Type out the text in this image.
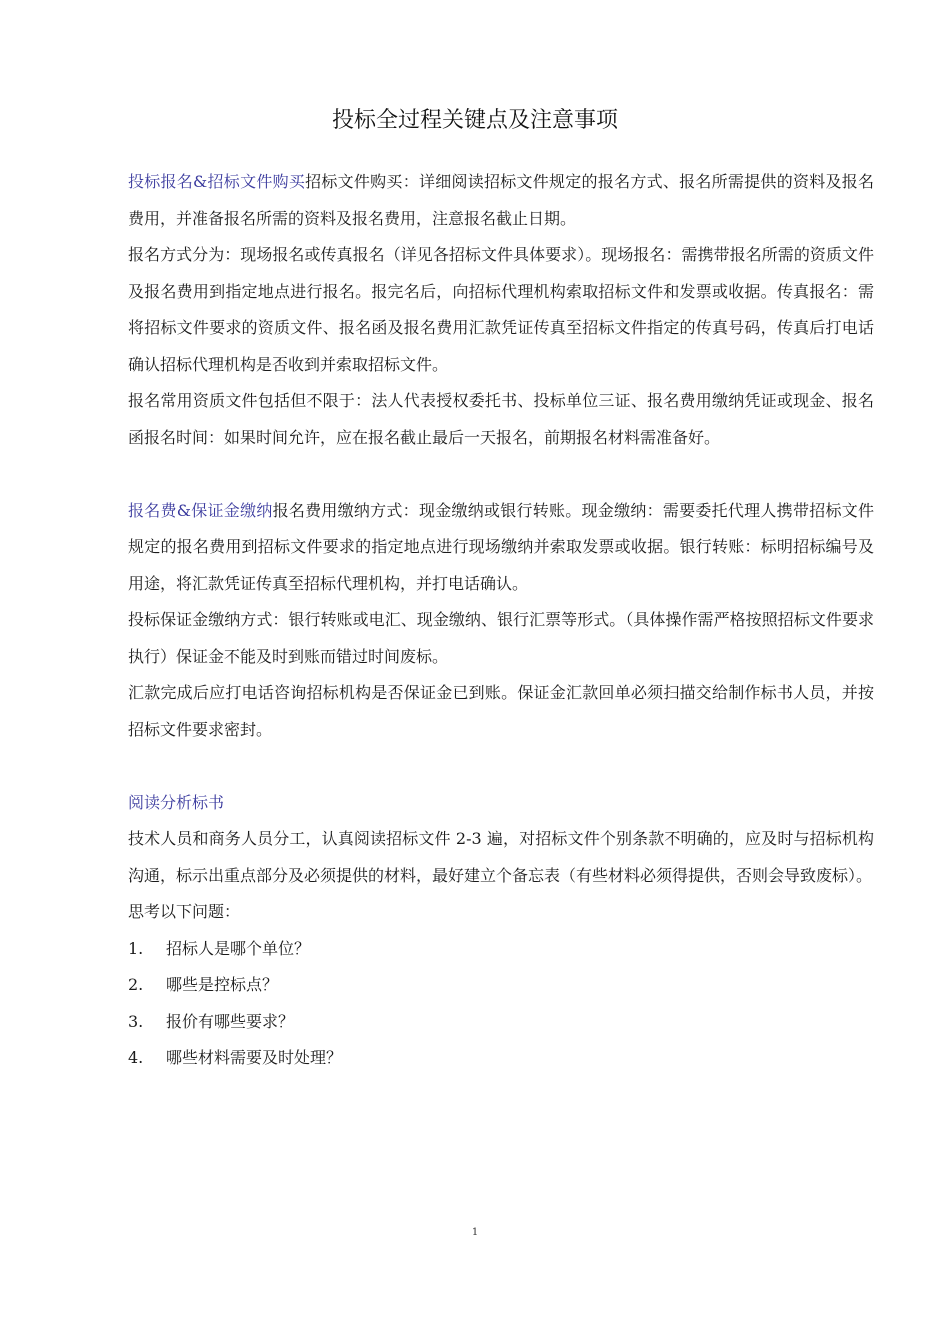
投标全过程关键点及注意事项

投标报名&招标文件购买招标文件购买：详细阅读招标文件规定的报名方式、报名所需提供的资料及报名费用，并准备报名所需的资料及报名费用，注意报名截止日期。

报名方式分为：现场报名或传真报名（详见各招标文件具体要求）。现场报名：需携带报名所需的资质文件及报名费用到指定地点进行报名。报完名后，向招标代理机构索取招标文件和发票或收据。传真报名：需将招标文件要求的资质文件、报名函及报名费用汇款凭证传真至招标文件指定的传真号码，传真后打电话确认招标代理机构是否收到并索取招标文件。

报名常用资质文件包括但不限于：法人代表授权委托书、投标单位三证、报名费用缴纳凭证或现金、报名函报名时间：如果时间允许，应在报名截止最后一天报名，前期报名材料需准备好。

报名费&保证金缴纳报名费用缴纳方式：现金缴纳或银行转账。现金缴纳：需要委托代理人携带招标文件规定的报名费用到招标文件要求的指定地点进行现场缴纳并索取发票或收据。银行转账：标明招标编号及用途，将汇款凭证传真至招标代理机构，并打电话确认。

投标保证金缴纳方式：银行转账或电汇、现金缴纳、银行汇票等形式。（具体操作需严格按照招标文件要求执行）保证金不能及时到账而错过时间废标。

汇款完成后应打电话咨询招标机构是否保证金已到账。保证金汇款回单必须扫描交给制作标书人员，并按招标文件要求密封。

阅读分析标书

技术人员和商务人员分工，认真阅读招标文件 2-3 遍，对招标文件个别条款不明确的，应及时与招标机构沟通，标示出重点部分及必须提供的材料，最好建立个备忘表（有些材料必须得提供，否则会导致废标）。

思考以下问题：

1.	招标人是哪个单位？
2.	哪些是控标点？
3.	报价有哪些要求？
4.	哪些材料需要及时处理？
1
